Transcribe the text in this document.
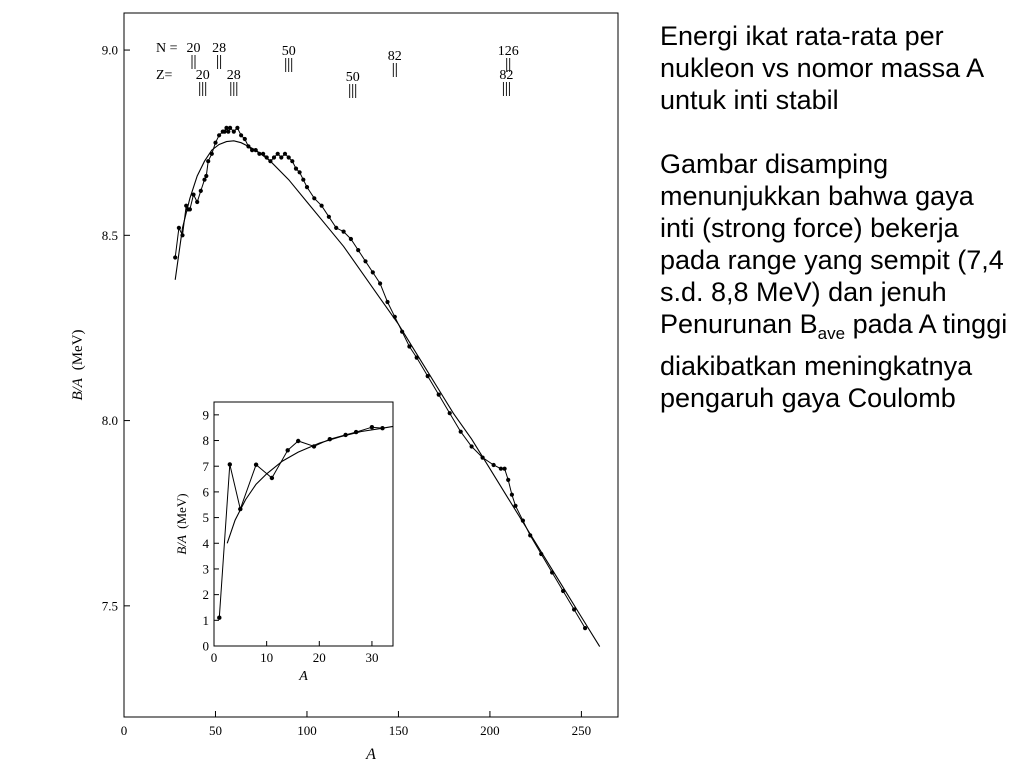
0	50	100	150	200	250
7.5
8.0
8.5
9.0
A
B/A (MeV)
N =
Z=
20 28	50	82	126
20 28	50	82
0	10	20	30
0
1
2
3
4
5
6
7
8
9
A
B/A (MeV)

Energi ikat rata-rata per nukleon vs nomor massa A untuk inti stabil

Gambar disamping menunjukkan bahwa gaya inti (strong force) bekerja pada range yang sempit (7,4 s.d. 8,8 MeV) dan jenuh

Penurunan $B_{ave}$ pada A tinggi diakibatkan meningkatnya pengaruh gaya Coulomb
